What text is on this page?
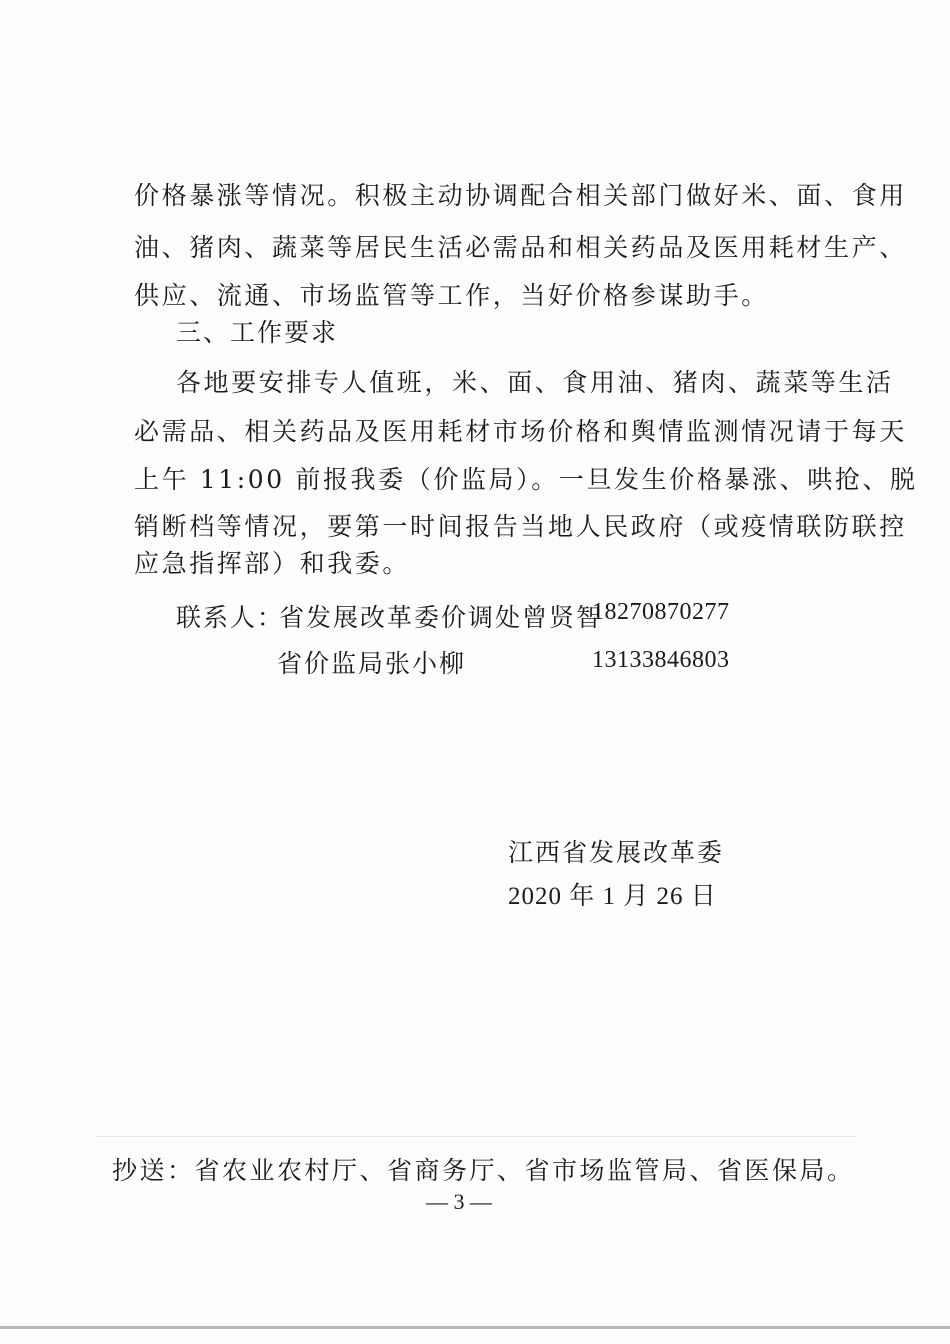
价格暴涨等情况。积极主动协调配合相关部门做好米、面、食用
油、猪肉、蔬菜等居民生活必需品和相关药品及医用耗材生产、
供应、流通、市场监管等工作，当好价格参谋助手。
三、工作要求
各地要安排专人值班，米、面、食用油、猪肉、蔬菜等生活
必需品、相关药品及医用耗材市场价格和舆情监测情况请于每天
上午 11:00 前报我委（价监局）。一旦发生价格暴涨、哄抢、脱
销断档等情况，要第一时间报告当地人民政府（或疫情联防联控
应急指挥部）和我委。
联系人：
省发展改革委价调处曾贤智
18270870277
省价监局张小柳	13133846803
江西省发展改革委
2020 年 1 月 26 日
抄送：省农业农村厅、省商务厅、省市场监管局、省医保局。
— 3 —
